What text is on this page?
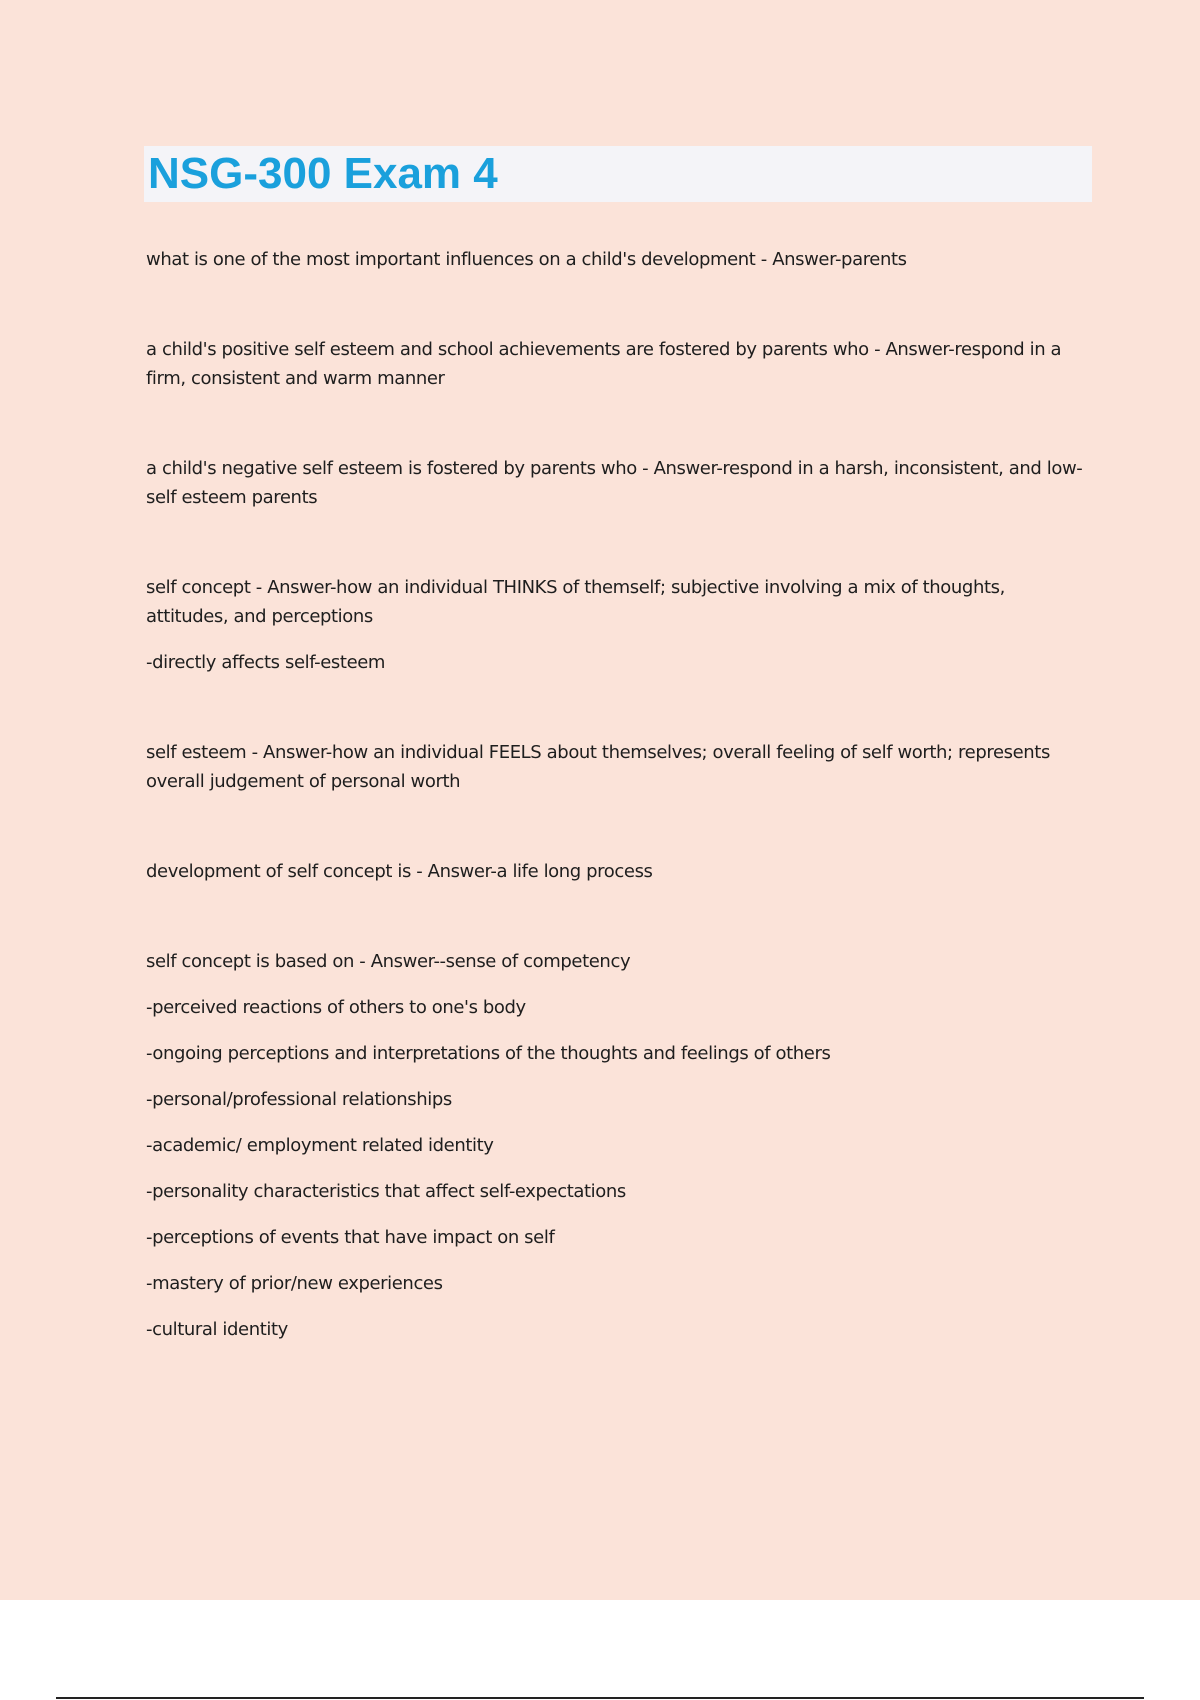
NSG-300 Exam 4

what is one of the most important influences on a child's development - Answer-parents

a child's positive self esteem and school achievements are fostered by parents who - Answer-respond in a firm, consistent and warm manner

a child's negative self esteem is fostered by parents who - Answer-respond in a harsh, inconsistent, and low-self esteem parents

self concept - Answer-how an individual THINKS of themself; subjective involving a mix of thoughts, attitudes, and perceptions

-directly affects self-esteem

self esteem - Answer-how an individual FEELS about themselves; overall feeling of self worth; represents overall judgement of personal worth

development of self concept is - Answer-a life long process

self concept is based on - Answer--sense of competency

-perceived reactions of others to one's body

-ongoing perceptions and interpretations of the thoughts and feelings of others

-personal/professional relationships

-academic/ employment related identity

-personality characteristics that affect self-expectations

-perceptions of events that have impact on self

-mastery of prior/new experiences

-cultural identity
